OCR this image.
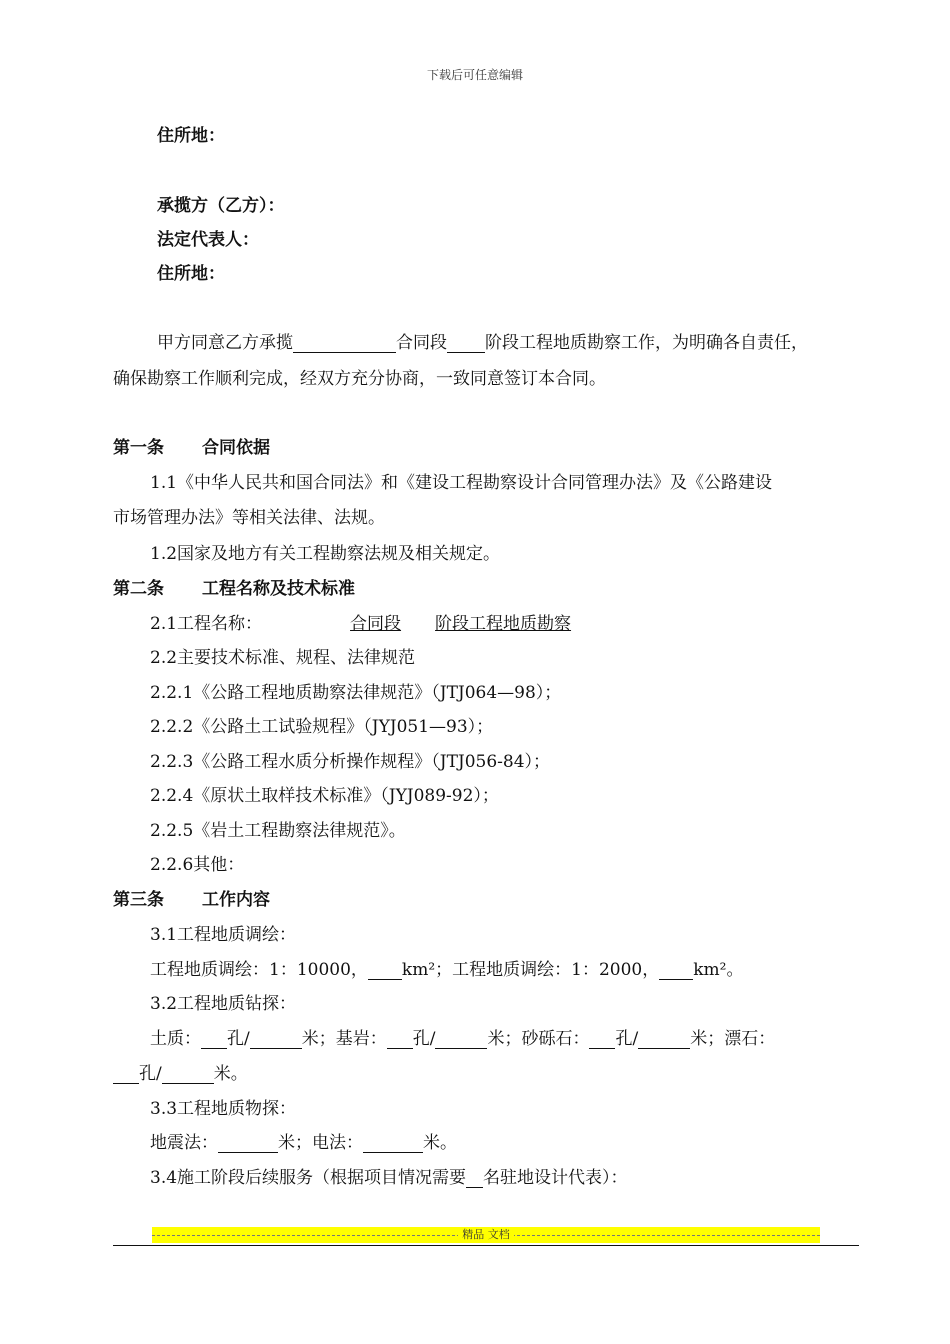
下载后可任意编辑
住所地：
承揽方（乙方）：
法定代表人：
住所地：
甲方同意乙方承揽	合同段 阶段工程地质勘察工作，为明确各自责任，
确保勘察工作顺利完成，经双方充分协商，一致同意签订本合同。
第一条 合同依据
1.1《中华人民共和国合同法》和《建设工程勘察设计合同管理办法》及《公路建设
市场管理办法》等相关法律、法规。
1.2国家及地方有关工程勘察法规及相关规定。
第二条 工程名称及技术标准
2.1工程名称：	合同段 阶段工程地质勘察
2.2主要技术标准、规程、法律规范
2.2.1《公路工程地质勘察法律规范》（JTJ064—98）；
2.2.2《公路土工试验规程》（JYJ051—93）；
2.2.3《公路工程水质分析操作规程》（JTJ056-84）；
2.2.4《原状土取样技术标准》（JYJ089-92）；
2.2.5《岩土工程勘察法律规范》。
2.2.6其他：
第三条 工作内容
3.1工程地质调绘：
工程地质调绘：1：10000， km²；工程地质调绘：1：2000， km²。
3.2工程地质钻探：
土质： 孔/	米；基岩： 孔/	米；砂砾石： 孔/	米；漂石：
孔/	米。
3.3工程地质物探：
地震法：	米；电法：	米。
3.4施工阶段后续服务（根据项目情况需要 名驻地设计代表）：
精品 文档
